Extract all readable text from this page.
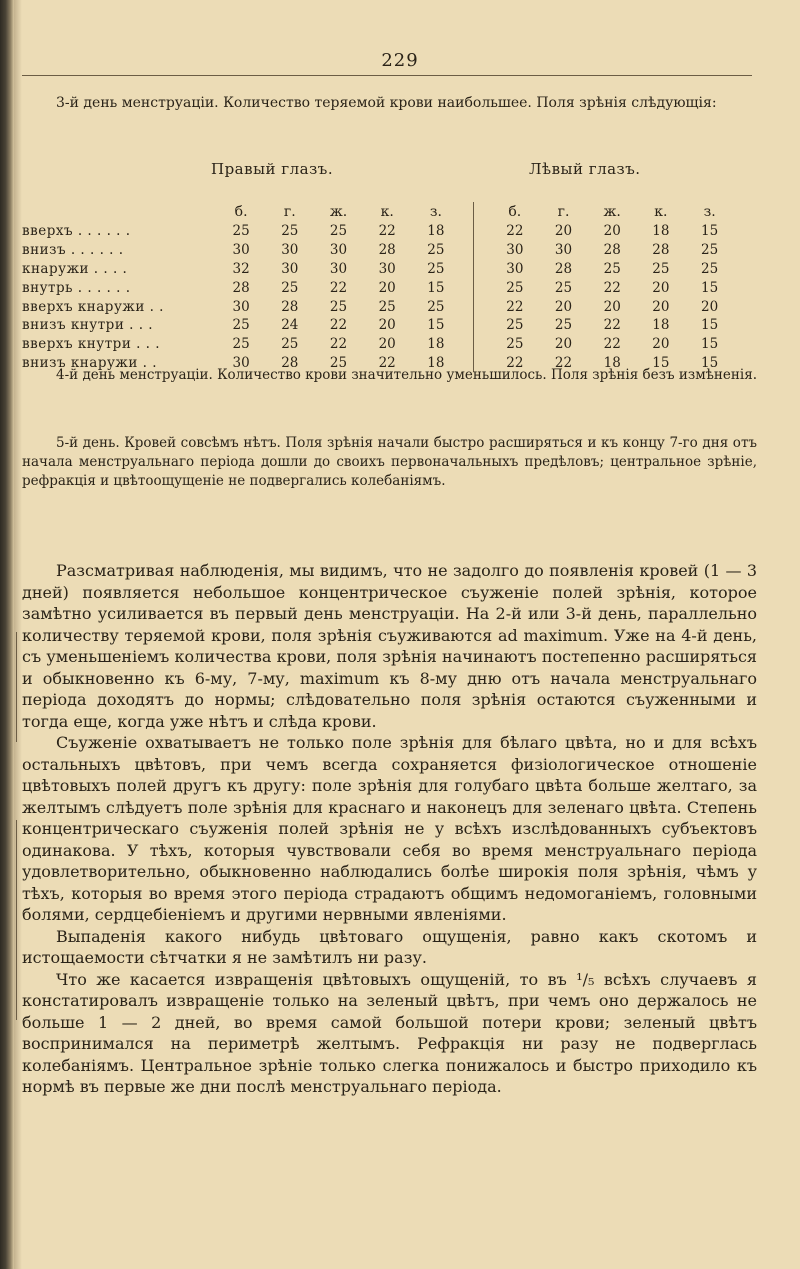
229
3-й день менструаціи. Количество теряемой крови наибольшее. Поля зрѣнія слѣдующія:
Правый глазъ.	Лѣвый глазъ.
	б.	г.	ж.	к.	з.			б.	г.	ж.	к.	з.
вверхъ . . . . . .	25	25	25	22	18			22	20	20	18	15
внизъ . . . . . .	30	30	30	28	25			30	30	28	28	25
кнаружи . . . .	32	30	30	30	25			30	28	25	25	25
внутрь . . . . . .	28	25	22	20	15			25	25	22	20	15
вверхъ кнаружи . .	30	28	25	25	25			22	20	20	20	20
внизъ кнутри . . .	25	24	22	20	15			25	25	22	18	15
вверхъ кнутри . . .	25	25	22	20	18			25	20	22	20	15
внизъ кнаружи . .	30	28	25	22	18			22	22	18	15	15
4-й день менструаціи. Количество крови значительно уменьшилось. Поля зрѣнія безъ измѣненія.
5-й день. Кровей совсѣмъ нѣтъ. Поля зрѣнія начали быстро расширяться и къ концу 7-го дня отъ начала менструальнаго періода дошли до своихъ первоначальныхъ предѣловъ; центральное зрѣніе, рефракція и цвѣтоощущеніе не подвергались колебаніямъ.

Разсматривая наблюденія, мы видимъ, что не задолго до появленія кровей (1 — 3 дней) появляется небольшое концентрическое съуженіе полей зрѣнія, которое замѣтно усиливается въ первый день менструаціи. На 2-й или 3-й день, параллельно количеству теряемой крови, поля зрѣнія съуживаются ad maximum. Уже на 4-й день, съ уменьшеніемъ количества крови, поля зрѣнія начинаютъ постепенно расширяться и обыкновенно къ 6-му, 7-му, maximum къ 8-му дню отъ начала менструальнаго періода доходятъ до нормы; слѣдовательно поля зрѣнія остаются съуженными и тогда еще, когда уже нѣтъ и слѣда крови.

Съуженіе охватываетъ не только поле зрѣнія для бѣлаго цвѣта, но и для всѣхъ остальныхъ цвѣтовъ, при чемъ всегда сохраняется физіологическое отношеніе цвѣтовыхъ полей другъ къ другу: поле зрѣнія для голубаго цвѣта больше желтаго, за желтымъ слѣдуетъ поле зрѣнія для краснаго и наконецъ для зеленаго цвѣта. Степень концентрическаго съуженія полей зрѣнія не у всѣхъ изслѣдованныхъ субъектовъ одинакова. У тѣхъ, которыя чувствовали себя во время менструальнаго періода удовлетворительно, обыкновенно наблюдались болѣе широкія поля зрѣнія, чѣмъ у тѣхъ, которыя во время этого періода страдаютъ общимъ недомоганіемъ, головными болями, сердцебіеніемъ и другими нервными явленіями.

Выпаденія какого нибудь цвѣтоваго ощущенія, равно какъ скотомъ и истощаемости сѣтчатки я не замѣтилъ ни разу.

Что же касается извращенія цвѣтовыхъ ощущеній, то въ ¹/₅ всѣхъ случаевъ я констатировалъ извращеніе только на зеленый цвѣтъ, при чемъ оно держалось не больше 1 — 2 дней, во время самой большой потери крови; зеленый цвѣтъ воспринимался на периметрѣ желтымъ. Рефракція ни разу не подверглась колебаніямъ. Центральное зрѣніе только слегка понижалось и быстро приходило къ нормѣ въ первые же дни послѣ менструальнаго періода.
